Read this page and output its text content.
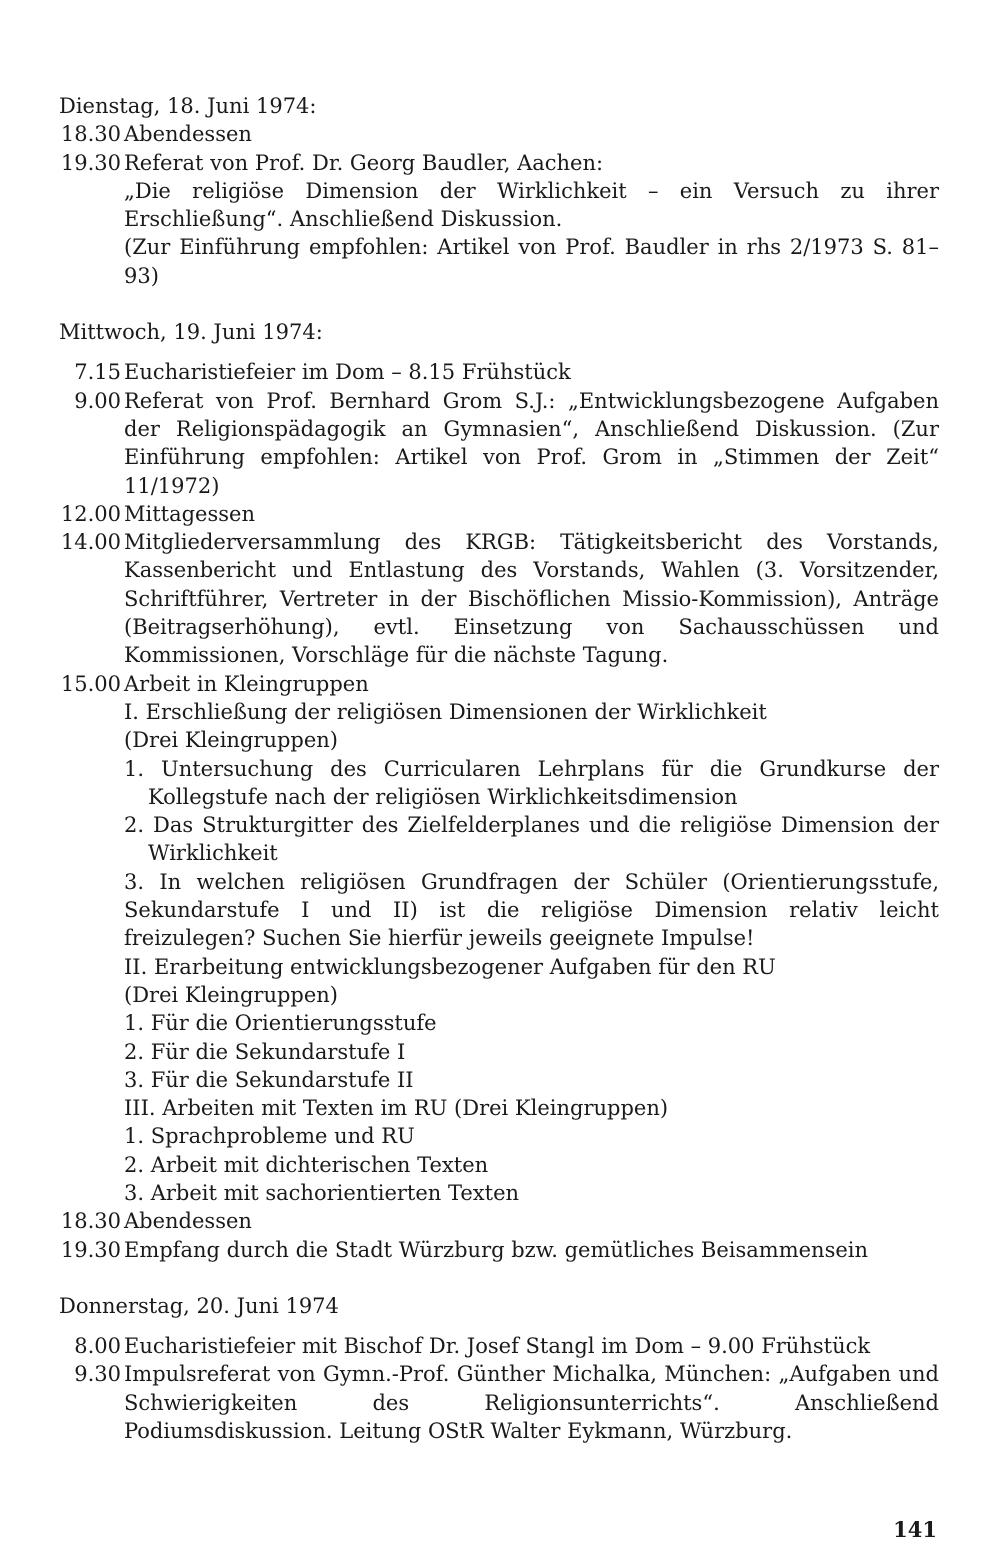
Dienstag, 18. Juni 1974:
18.30 Abendessen
19.30 Referat von Prof. Dr. Georg Baudler, Aachen:
„Die religiöse Dimension der Wirklichkeit – ein Versuch zu ihrer Erschließung“. Anschließend Diskussion.
(Zur Einführung empfohlen: Artikel von Prof. Baudler in rhs 2/1973 S. 81–93)
Mittwoch, 19. Juni 1974:
7.15 Eucharistiefeier im Dom – 8.15 Frühstück
9.00 Referat von Prof. Bernhard Grom S.J.: „Entwicklungsbezogene Aufgaben der Religionspädagogik an Gymnasien“, Anschließend Diskussion. (Zur Einführung empfohlen: Artikel von Prof. Grom in „Stimmen der Zeit“ 11/1972)
12.00 Mittagessen
14.00 Mitgliederversammlung des KRGB: Tätigkeitsbericht des Vorstands, Kassenbericht und Entlastung des Vorstands, Wahlen (3. Vorsitzender, Schriftführer, Vertreter in der Bischöflichen Missio-Kommission), Anträge (Beitragserhöhung), evtl. Einsetzung von Sachausschüssen und Kommissionen, Vorschläge für die nächste Tagung.
15.00 Arbeit in Kleingruppen
I. Erschließung der religiösen Dimensionen der Wirklichkeit
(Drei Kleingruppen)
1. Untersuchung des Curricularen Lehrplans für die Grundkurse der Kollegstufe nach der religiösen Wirklichkeitsdimension
2. Das Strukturgitter des Zielfelderplanes und die religiöse Dimension der Wirklichkeit
3. In welchen religiösen Grundfragen der Schüler (Orientierungsstufe, Sekundarstufe I und II) ist die religiöse Dimension relativ leicht freizulegen? Suchen Sie hierfür jeweils geeignete Impulse!
II. Erarbeitung entwicklungsbezogener Aufgaben für den RU
(Drei Kleingruppen)
1. Für die Orientierungsstufe
2. Für die Sekundarstufe I
3. Für die Sekundarstufe II
III. Arbeiten mit Texten im RU (Drei Kleingruppen)
1. Sprachprobleme und RU
2. Arbeit mit dichterischen Texten
3. Arbeit mit sachorientierten Texten
18.30 Abendessen
19.30 Empfang durch die Stadt Würzburg bzw. gemütliches Beisammensein
Donnerstag, 20. Juni 1974
8.00 Eucharistiefeier mit Bischof Dr. Josef Stangl im Dom – 9.00 Frühstück
9.30 Impulsreferat von Gymn.-Prof. Günther Michalka, München: „Aufgaben und Schwierigkeiten des Religionsunterrichts“. Anschließend Podiumsdiskussion. Leitung OStR Walter Eykmann, Würzburg.
141
